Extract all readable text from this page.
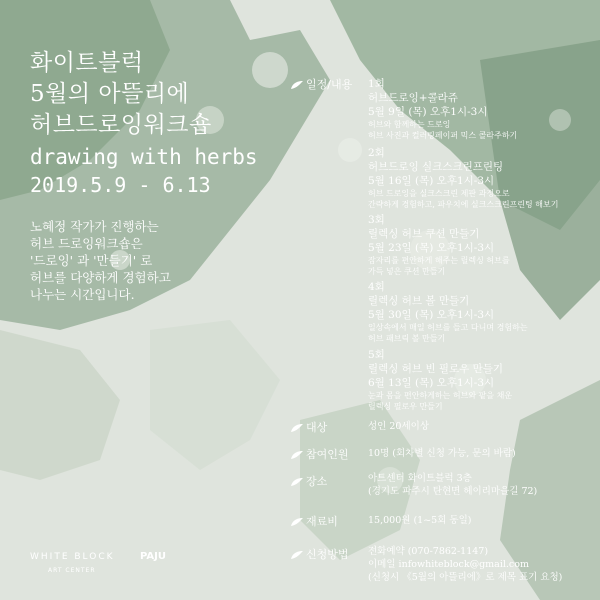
화이트블럭
5월의 아뜰리에
허브드로잉워크숍
drawing with herbs
2019.5.9 - 6.13
노혜정 작가가 진행하는
허브 드로잉워크숍은
'드로잉' 과 '만들기' 로
허브를 다양하게 경험하고
나누는 시간입니다.
일정/내용 1회
허브드로잉+콜라쥬
5월 9일 (목) 오후1시-3시
허브와 함께하는 드로잉
허브 사진과 컬러링페이퍼 믹스 콜라주하기
2회
허브드로잉 실크스크린프린팅
5월 16일 (목) 오후1시-3시
허브 드로잉을 실크스크린 제판 과정으로
간략하게 경험하고, 파우치에 실크스크린프린팅 해보기
3회
릴렉싱 허브 쿠션 만들기
5월 23일 (목) 오후1시-3시
잠자리를 편안하게 해주는 릴렉싱 허브를
가득 넣은 쿠션 만들기
4회
릴렉싱 허브 볼 만들기
5월 30일 (목) 오후1시-3시
일상속에서 매일 허브를 들고 다니며 경험하는
허브 패브릭 볼 만들기
5회
릴렉싱 허브 빈 필로우 만들기
6월 13일 (목) 오후1시-3시
눈과 몸을 편안하게하는 허브와 팥을 채운
릴렉싱 필로우 만들기
대상	성인 20세이상
참여인원 10명 (회차별 신청 가능, 문의 바람)
장소	아트센터 화이트블럭 3층
(경기도 파주시 탄현면 헤이리마을길 72)
재료비	15,000원 (1~5회 동일)
신청방법 전화예약 (070-7862-1147)
이메일 infowhiteblock@gmail.com
(신청시 《5월의 아뜰리에》로 제목 표기 요청)
WHITE BLOCK
ART CENTER
PAJU
